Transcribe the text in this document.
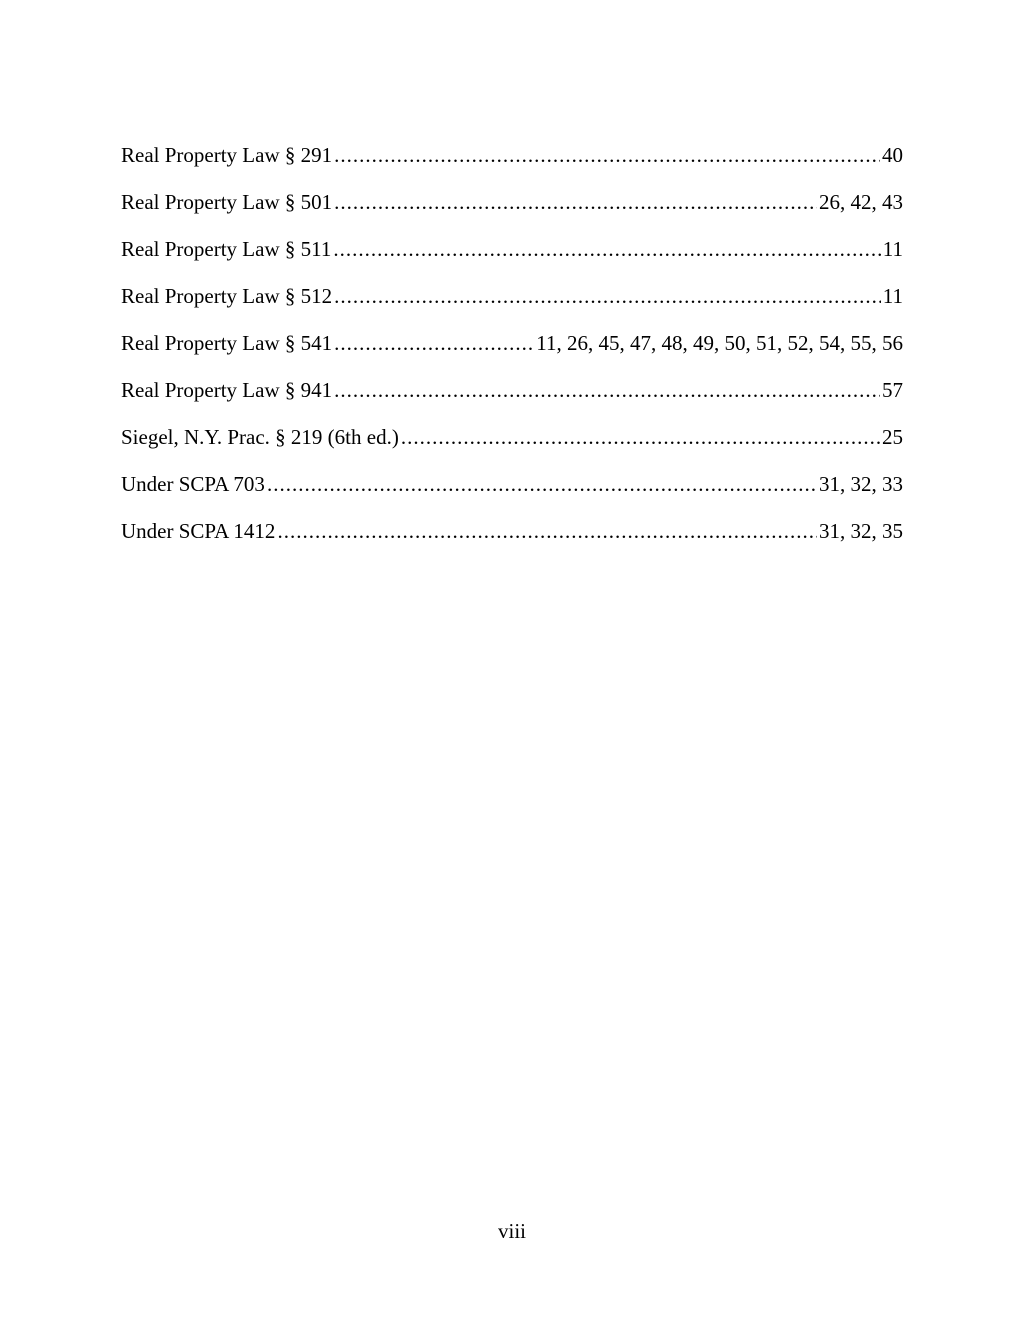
Real Property Law § 291 .....	40
Real Property Law § 501 .....	26, 42, 43
Real Property Law § 511 .....	11
Real Property Law § 512 .....	11
Real Property Law § 541 .....	11, 26, 45, 47, 48, 49, 50, 51, 52, 54, 55, 56
Real Property Law § 941 .....	57
Siegel, N.Y. Prac. § 219 (6th ed.) .....	25
Under SCPA 703 .....	31, 32, 33
Under SCPA 1412 .....	31, 32, 35
viii
